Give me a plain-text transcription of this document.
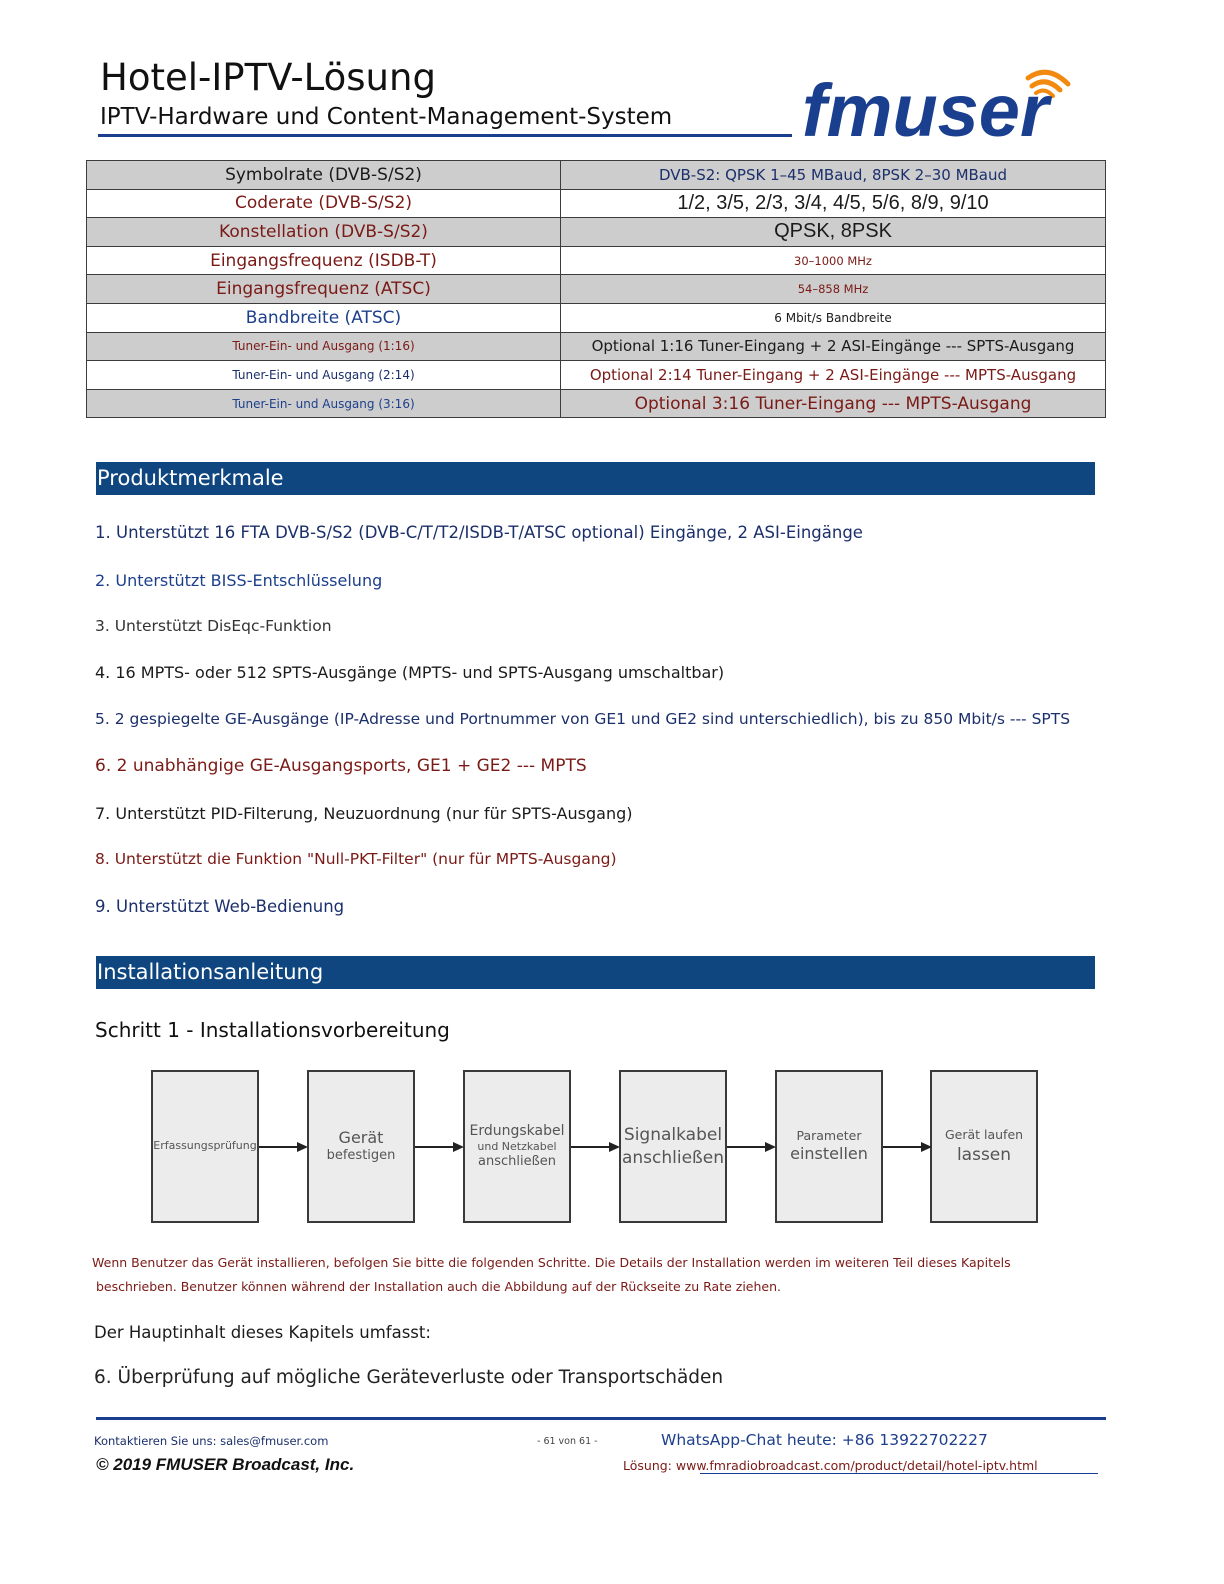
Hotel-IPTV-Lösung
IPTV-Hardware und Content-Management-System fmuser
Symbolrate (DVB-S/S2)	DVB-S2: QPSK 1–45 MBaud, 8PSK 2–30 MBaud
Coderate (DVB-S/S2)	1/2, 3/5, 2/3, 3/4, 4/5, 5/6, 8/9, 9/10
Konstellation (DVB-S/S2)	QPSK, 8PSK
Eingangsfrequenz (ISDB-T)	30–1000 MHz
Eingangsfrequenz (ATSC)	54–858 MHz
Bandbreite (ATSC)	6 Mbit/s Bandbreite
Tuner-Ein- und Ausgang (1:16)	Optional 1:16 Tuner-Eingang + 2 ASI-Eingänge --- SPTS-Ausgang
Tuner-Ein- und Ausgang (2:14)	Optional 2:14 Tuner-Eingang + 2 ASI-Eingänge --- MPTS-Ausgang
Tuner-Ein- und Ausgang (3:16)	Optional 3:16 Tuner-Eingang --- MPTS-Ausgang
Produktmerkmale
1. Unterstützt 16 FTA DVB-S/S2 (DVB-C/T/T2/ISDB-T/ATSC optional) Eingänge, 2 ASI-Eingänge
2. Unterstützt BISS-Entschlüsselung
3. Unterstützt DisEqc-Funktion
4. 16 MPTS- oder 512 SPTS-Ausgänge (MPTS- und SPTS-Ausgang umschaltbar)
5. 2 gespiegelte GE-Ausgänge (IP-Adresse und Portnummer von GE1 und GE2 sind unterschiedlich), bis zu 850 Mbit/s --- SPTS
6. 2 unabhängige GE-Ausgangsports, GE1 + GE2 --- MPTS
7. Unterstützt PID-Filterung, Neuzuordnung (nur für SPTS-Ausgang)
8. Unterstützt die Funktion "Null-PKT-Filter" (nur für MPTS-Ausgang)
9. Unterstützt Web-Bedienung
Installationsanleitung
Schritt 1 - Installationsvorbereitung
Erfassungsprüfung	Gerät
befestigen
Erdungskabel
und Netzkabel
anschließen
Signalkabel
anschließen
Parameter
einstellen
Gerät laufen
lassen
Wenn Benutzer das Gerät installieren, befolgen Sie bitte die folgenden Schritte. Die Details der Installation werden im weiteren Teil dieses Kapitels
beschrieben. Benutzer können während der Installation auch die Abbildung auf der Rückseite zu Rate ziehen.
Der Hauptinhalt dieses Kapitels umfasst:
6. Überprüfung auf mögliche Geräteverluste oder Transportschäden
Kontaktieren Sie uns: sales@fmuser.com	- 61 von 61 -	WhatsApp-Chat heute: +86 13922702227
© 2019 FMUSER Broadcast, Inc.	Lösung: www.fmradiobroadcast.com/product/detail/hotel-iptv.html
